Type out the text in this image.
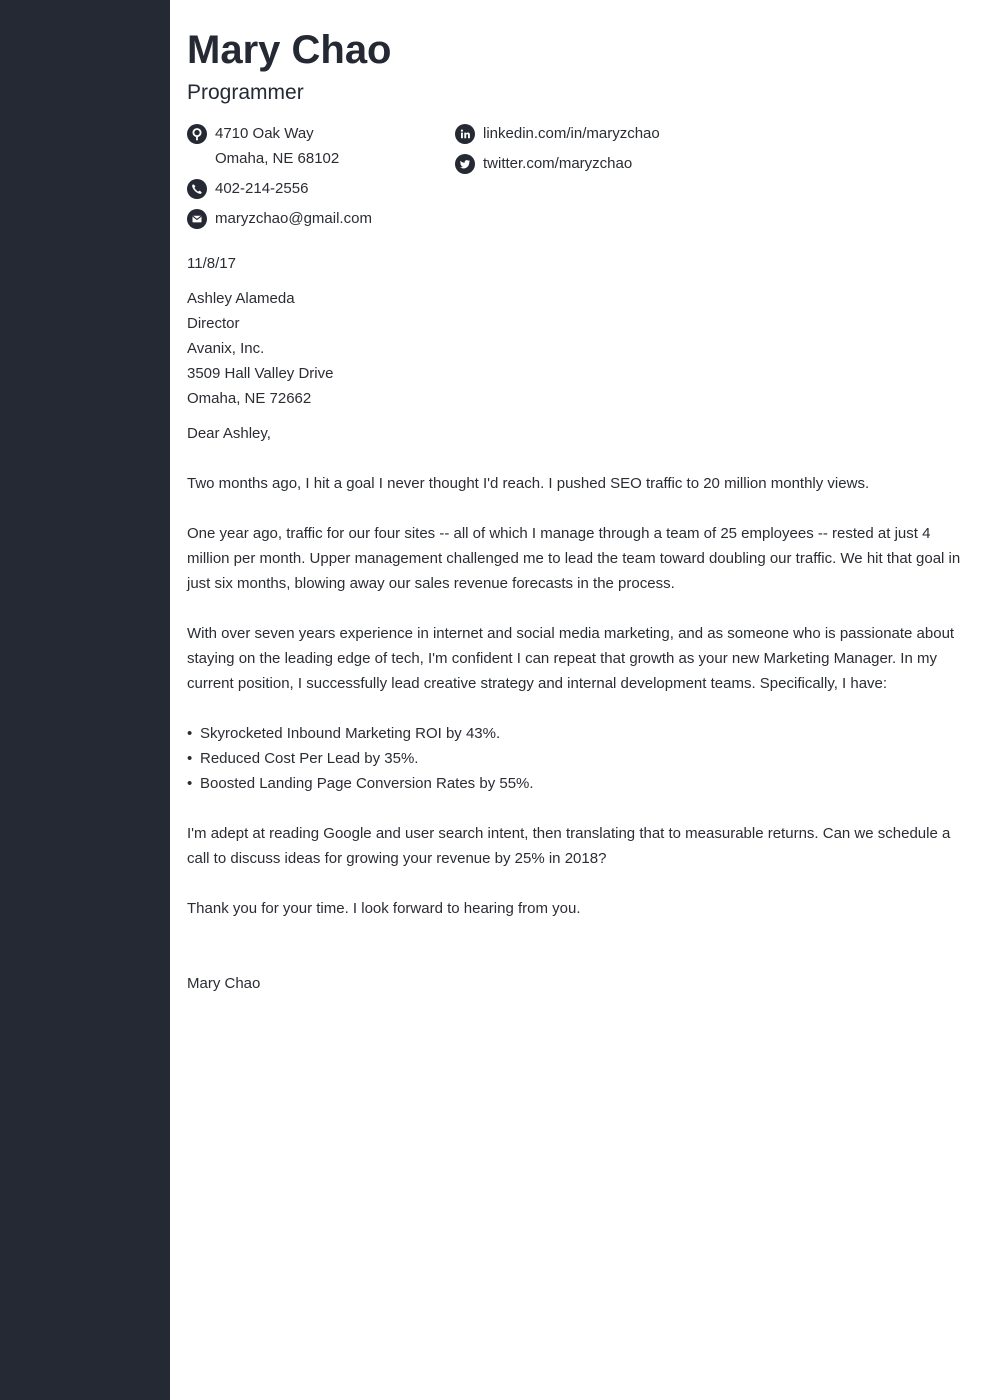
Mary Chao
Programmer
4710 Oak Way
Omaha, NE 68102
402-214-2556
maryzchao@gmail.com
linkedin.com/in/maryzchao
twitter.com/maryzchao

11/8/17

Ashley Alameda
Director
Avanix, Inc.
3509 Hall Valley Drive
Omaha, NE 72662

Dear Ashley,

Two months ago, I hit a goal I never thought I'd reach. I pushed SEO traffic to 20 million monthly views.

One year ago, traffic for our four sites -- all of which I manage through a team of 25 employees -- rested at just 4 million per month. Upper management challenged me to lead the team toward doubling our traffic. We hit that goal in just six months, blowing away our sales revenue forecasts in the process.

With over seven years experience in internet and social media marketing, and as someone who is passionate about staying on the leading edge of tech, I'm confident I can repeat that growth as your new Marketing Manager. In my current position, I successfully lead creative strategy and internal development teams. Specifically, I have:

• Skyrocketed Inbound Marketing ROI by 43%.
• Reduced Cost Per Lead by 35%.
• Boosted Landing Page Conversion Rates by 55%.

I'm adept at reading Google and user search intent, then translating that to measurable returns. Can we schedule a call to discuss ideas for growing your revenue by 25% in 2018?

Thank you for your time. I look forward to hearing from you.

Mary Chao
